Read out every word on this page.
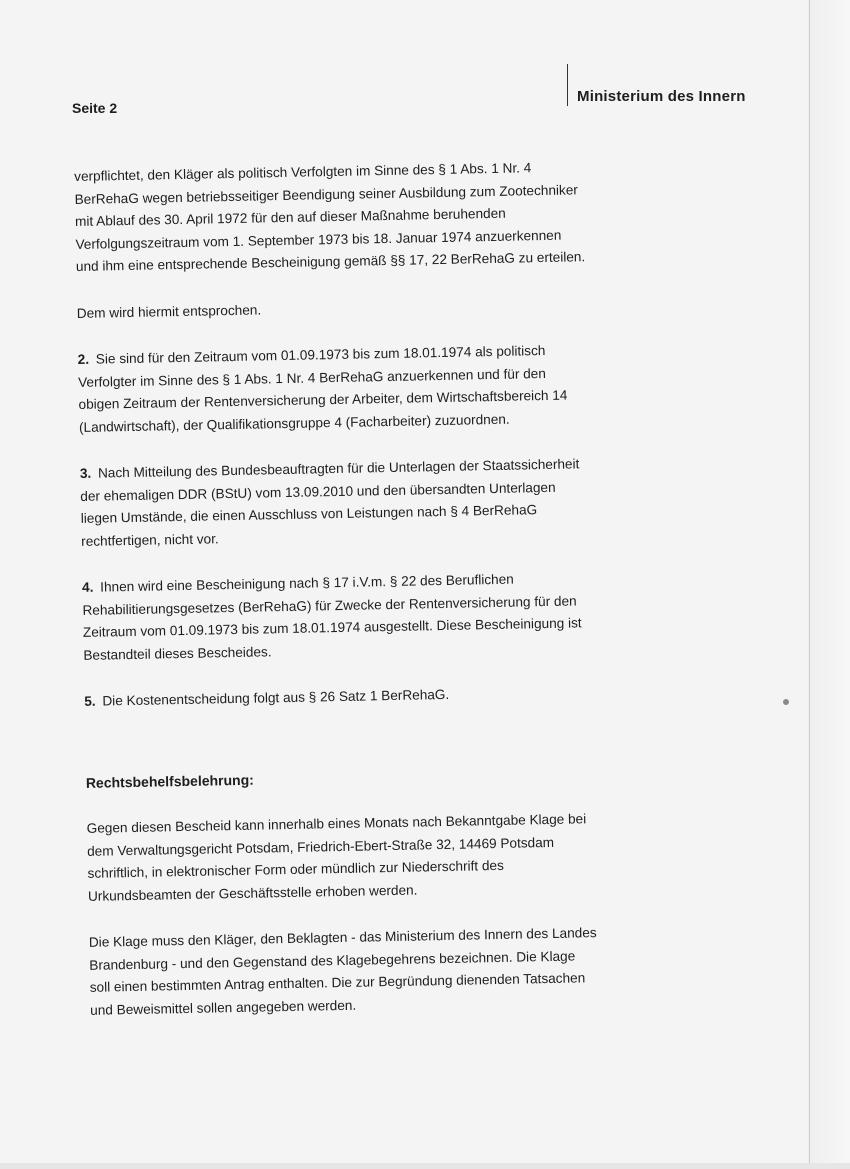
Seite 2
Ministerium des Innern

verpflichtet, den Kläger als politisch Verfolgten im Sinne des § 1 Abs. 1 Nr. 4 BerRehaG wegen betriebsseitiger Beendigung seiner Ausbildung zum Zootechniker mit Ablauf des 30. April 1972 für den auf dieser Maßnahme beruhenden Verfolgungszeitraum vom 1. September 1973 bis 18. Januar 1974 anzuerkennen und ihm eine entsprechende Bescheinigung gemäß §§ 17, 22 BerRehaG zu erteilen.

Dem wird hiermit entsprochen.

2. Sie sind für den Zeitraum vom 01.09.1973 bis zum 18.01.1974 als politisch Verfolgter im Sinne des § 1 Abs. 1 Nr. 4 BerRehaG anzuerkennen und für den obigen Zeitraum der Rentenversicherung der Arbeiter, dem Wirtschaftsbereich 14 (Landwirtschaft), der Qualifikationsgruppe 4 (Facharbeiter) zuzuordnen.

3. Nach Mitteilung des Bundesbeauftragten für die Unterlagen der Staatssicherheit der ehemaligen DDR (BStU) vom 13.09.2010 und den übersandten Unterlagen liegen Umstände, die einen Ausschluss von Leistungen nach § 4 BerRehaG rechtfertigen, nicht vor.

4. Ihnen wird eine Bescheinigung nach § 17 i.V.m. § 22 des Beruflichen Rehabilitierungsgesetzes (BerRehaG) für Zwecke der Rentenversicherung für den Zeitraum vom 01.09.1973 bis zum 18.01.1974 ausgestellt. Diese Bescheinigung ist Bestandteil dieses Bescheides.

5. Die Kostenentscheidung folgt aus § 26 Satz 1 BerRehaG.

Rechtsbehelfsbelehrung:

Gegen diesen Bescheid kann innerhalb eines Monats nach Bekanntgabe Klage bei dem Verwaltungsgericht Potsdam, Friedrich-Ebert-Straße 32, 14469 Potsdam schriftlich, in elektronischer Form oder mündlich zur Niederschrift des Urkundsbeamten der Geschäftsstelle erhoben werden.

Die Klage muss den Kläger, den Beklagten - das Ministerium des Innern des Landes Brandenburg - und den Gegenstand des Klagebegehrens bezeichnen. Die Klage soll einen bestimmten Antrag enthalten. Die zur Begründung dienenden Tatsachen und Beweismittel sollen angegeben werden.
